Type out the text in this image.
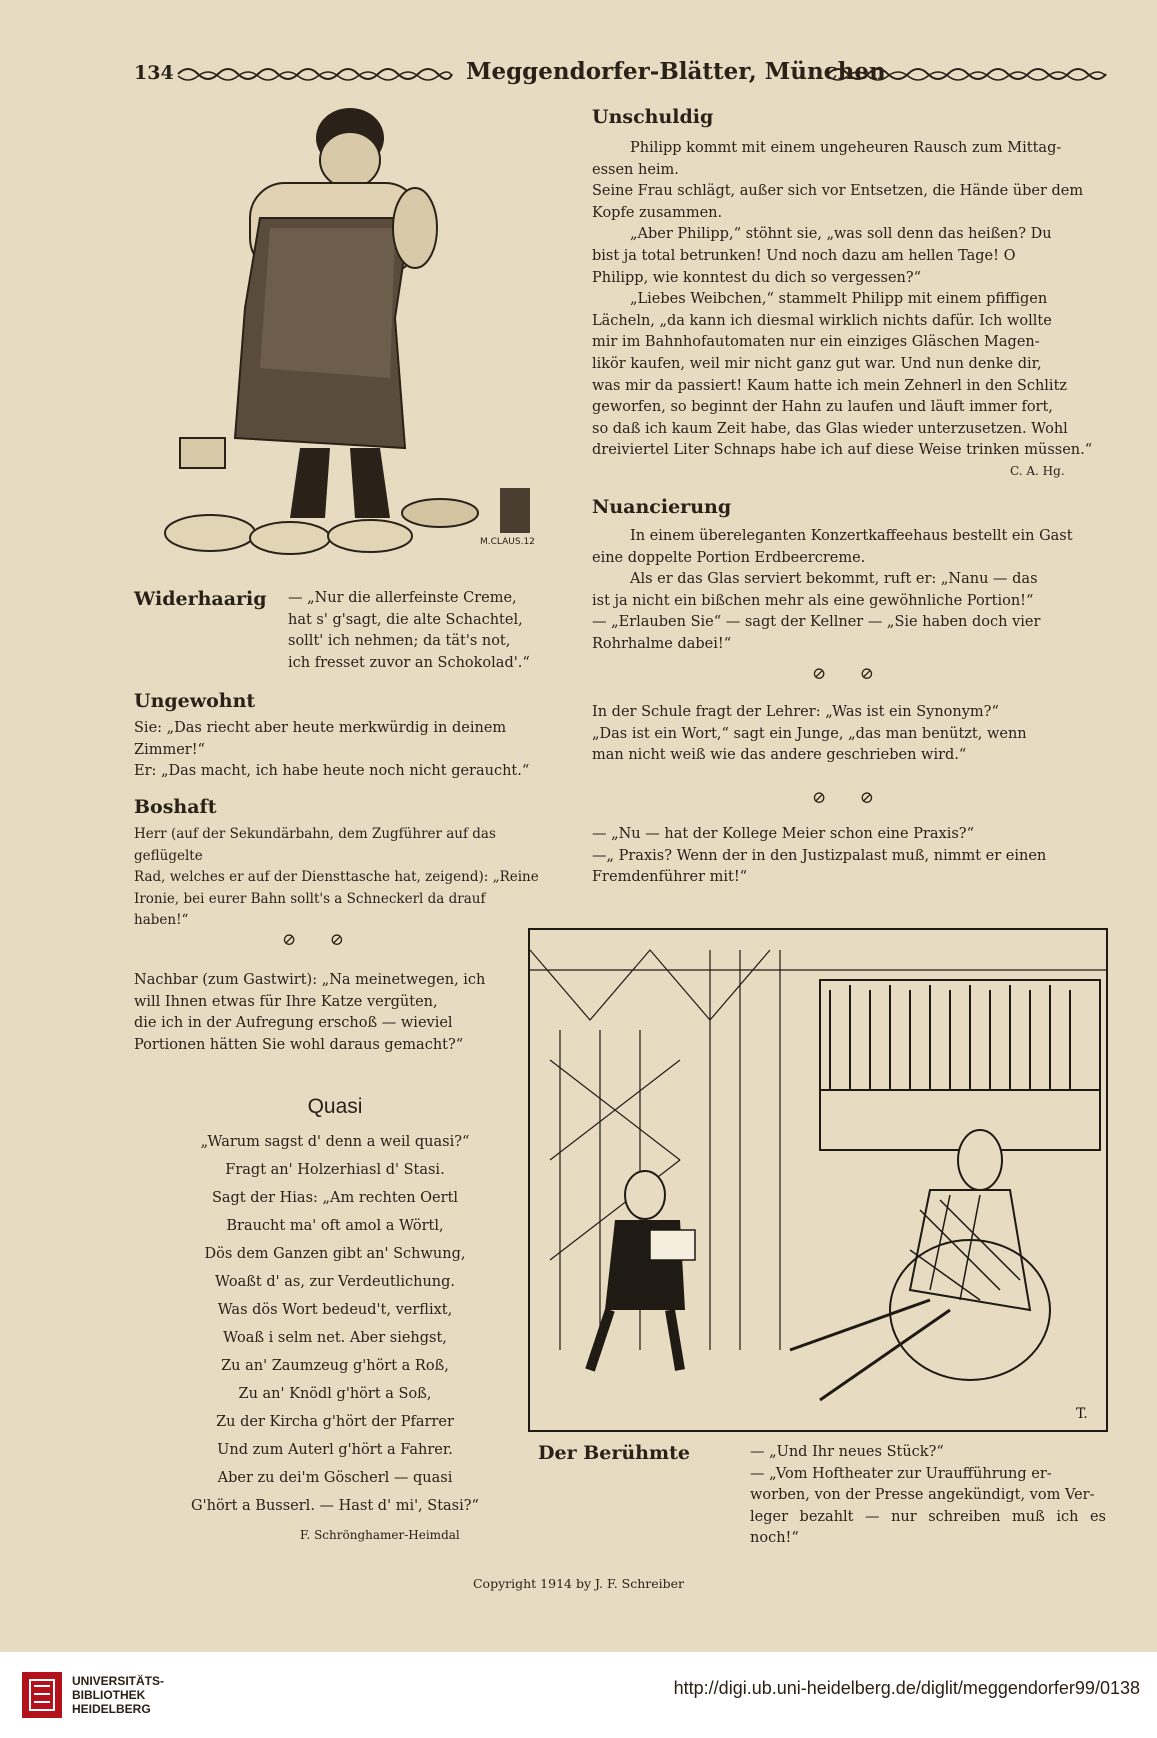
134	Meggendorfer-Blätter, München
M.CLAUS.12
Widerhaarig — „Nur die allerfeinste Creme,

hat s' g'sagt, die alte Schachtel,

sollt' ich nehmen; da tät's not,

ich fresset zuvor an Schokolad'.“

Ungewohnt

Sie: „Das riecht aber heute merkwürdig in deinem

Zimmer!“

Er: „Das macht, ich habe heute noch nicht geraucht.“

Boshaft

Herr (auf der Sekundärbahn, dem Zugführer auf das geflügelte

Rad, welches er auf der Diensttasche hat, zeigend): „Reine

Ironie, bei eurer Bahn sollt's a Schneckerl da drauf

haben!“

⊘ ⊘

Nachbar (zum Gastwirt): „Na meinetwegen, ich

will Ihnen etwas für Ihre Katze vergüten,

die ich in der Aufregung erschoß — wieviel

Portionen hätten Sie wohl daraus gemacht?“

Quasi
„Warum sagst d' denn a weil quasi?“
Fragt an' Holzerhiasl d' Stasi.
Sagt der Hias: „Am rechten Oertl
Braucht ma' oft amol a Wörtl,
Dös dem Ganzen gibt an' Schwung,
Woaßt d' as, zur Verdeutlichung.
Was dös Wort bedeud't, verflixt,
Woaß i selm net. Aber siehgst,
Zu an' Zaumzeug g'hört a Roß,
Zu an' Knödl g'hört a Soß,
Zu der Kircha g'hört der Pfarrer
Und zum Auterl g'hört a Fahrer.
Aber zu dei'm Göscherl — quasi
G'hört a Busserl. — Hast d' mi', Stasi?“
F. Schrönghamer-Heimdal
Unschuldig

Philipp kommt mit einem ungeheuren Rausch zum Mittag-

essen heim.

Seine Frau schlägt, außer sich vor Entsetzen, die Hände über dem

Kopfe zusammen.

„Aber Philipp,“ stöhnt sie, „was soll denn das heißen? Du

bist ja total betrunken! Und noch dazu am hellen Tage! O

Philipp, wie konntest du dich so vergessen?“

„Liebes Weibchen,“ stammelt Philipp mit einem pfiffigen

Lächeln, „da kann ich diesmal wirklich nichts dafür. Ich wollte

mir im Bahnhofautomaten nur ein einziges Gläschen Magen-

likör kaufen, weil mir nicht ganz gut war. Und nun denke dir,

was mir da passiert! Kaum hatte ich mein Zehnerl in den Schlitz

geworfen, so beginnt der Hahn zu laufen und läuft immer fort,

so daß ich kaum Zeit habe, das Glas wieder unterzusetzen. Wohl

dreiviertel Liter Schnaps habe ich auf diese Weise trinken müssen.“

C. A. Hg.
Nuancierung

In einem übereleganten Konzertkaffeehaus bestellt ein Gast

eine doppelte Portion Erdbeercreme.

Als er das Glas serviert bekommt, ruft er: „Nanu — das

ist ja nicht ein bißchen mehr als eine gewöhnliche Portion!“

— „Erlauben Sie“ — sagt der Kellner — „Sie haben doch vier

Rohrhalme dabei!“

⊘ ⊘

In der Schule fragt der Lehrer: „Was ist ein Synonym?“

„Das ist ein Wort,“ sagt ein Junge, „das man benützt, wenn

man nicht weiß wie das andere geschrieben wird.“

⊘ ⊘

— „Nu — hat der Kollege Meier schon eine Praxis?“

—„ Praxis? Wenn der in den Justizpalast muß, nimmt er einen

Fremdenführer mit!“

T.
Der Berühmte	— „Und Ihr neues Stück?“

— „Vom Hoftheater zur Uraufführung er-

worben, von der Presse angekündigt, vom Ver-

leger bezahlt — nur schreiben muß ich es noch!“

Copyright 1914 by J. F. Schreiber
UNIVERSITÄTS-
BIBLIOTHEK
HEIDELBERG
http://digi.ub.uni-heidelberg.de/diglit/meggendorfer99/0138
